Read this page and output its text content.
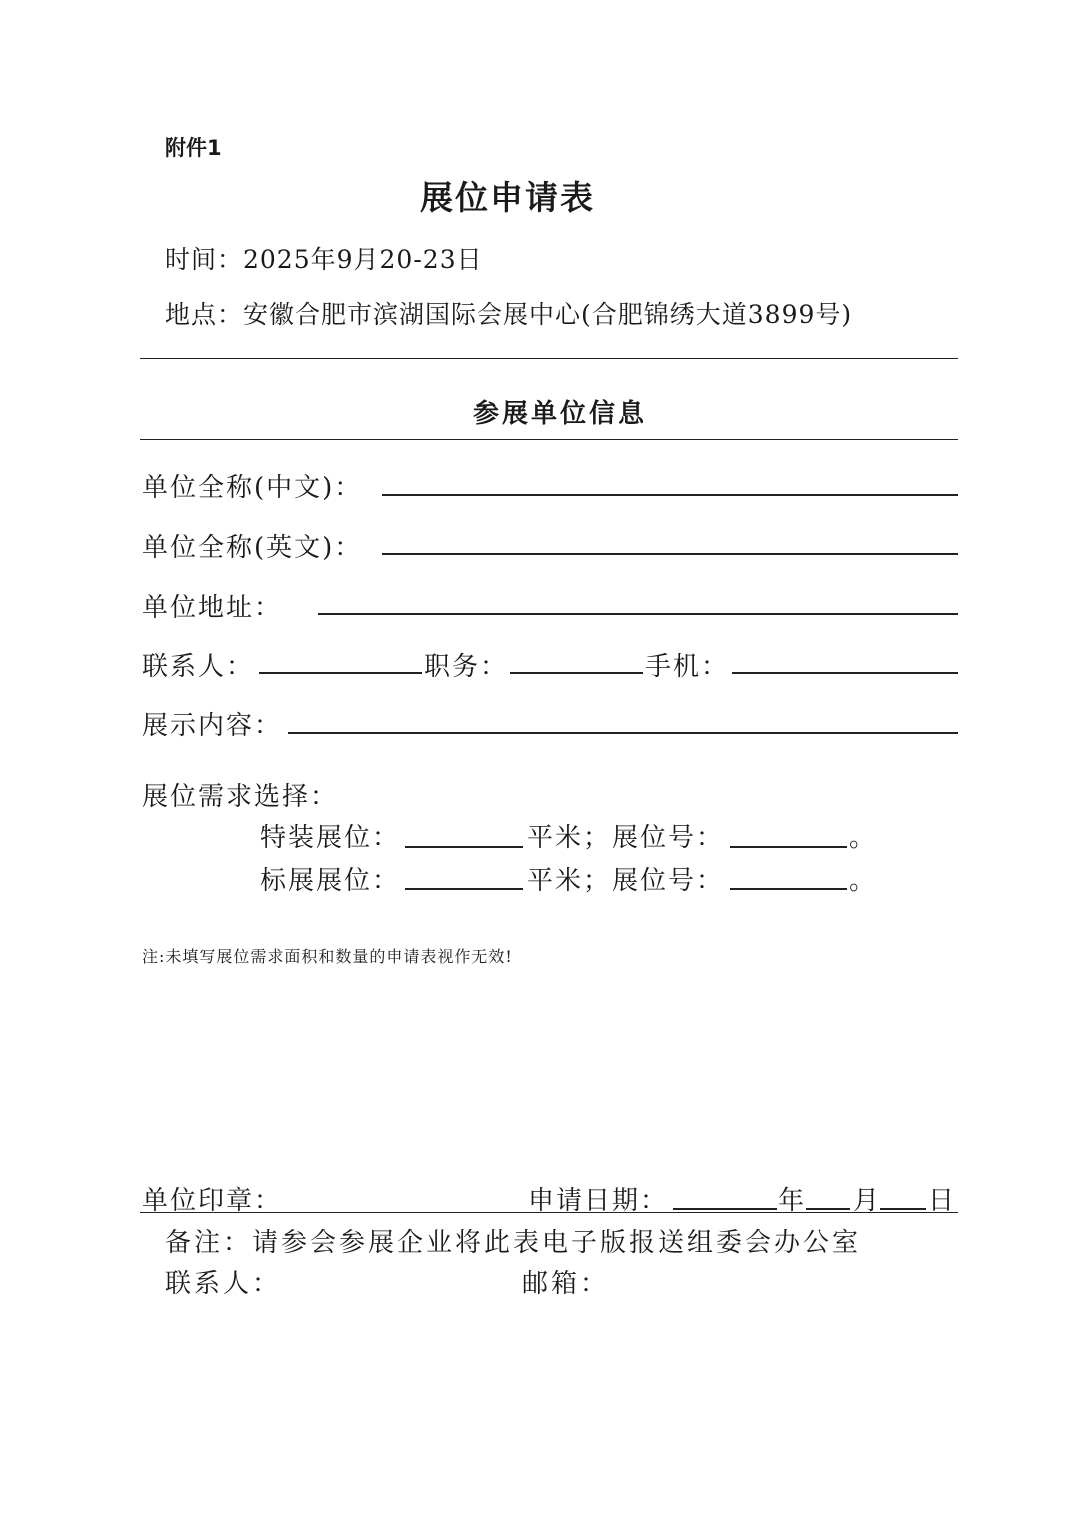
附件1
展位申请表
时间：2025年9月20-23日
地点：安徽合肥市滨湖国际会展中心(合肥锦绣大道3899号)
参展单位信息
单位全称(中文)：
单位全称(英文)：
单位地址：
联系人：	职务：	手机：
展示内容：
展位需求选择：
特装展位：	平米； 展位号：	。
标展展位：	平米； 展位号：	。
注:未填写展位需求面积和数量的申请表视作无效!
单位印章：	申请日期：	年 月 日
备注：请参会参展企业将此表电子版报送组委会办公室
联系人：	邮箱：
